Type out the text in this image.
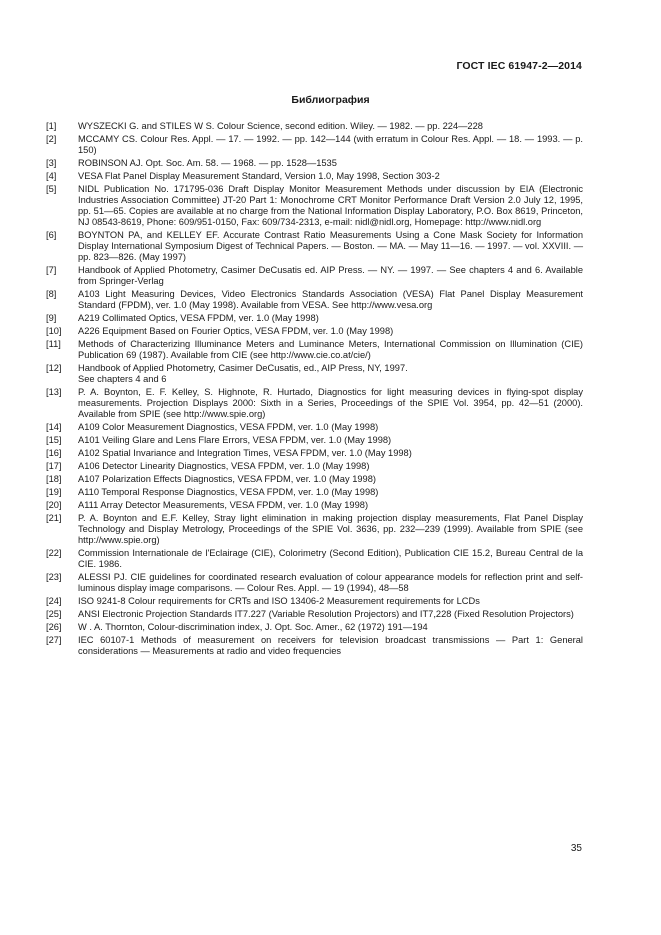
ГОСТ IEC 61947-2—2014
Библиография
[1]	WYSZECKI G. and STILES W S. Colour Science, second edition. Wiley. — 1982. — pp. 224—228
[2]	MCCAMY CS. Colour Res. Appl. — 17. — 1992. — pp. 142—144 (with erratum in Colour Res. Appl. — 18. — 1993. — p. 150)
[3]	ROBINSON AJ. Opt. Soc. Am. 58. — 1968. — pp. 1528—1535
[4]	VESA Flat Panel Display Measurement Standard, Version 1.0, May 1998, Section 303-2
[5]	NIDL Publication No. 171795-036 Draft Display Monitor Measurement Methods under discussion by EIA (Electronic Industries Association Committee) JT-20 Part 1: Monochrome CRT Monitor Performance Draft Version 2.0 July 12, 1995, pp. 51—65. Copies are available at no charge from the National Information Display Laboratory, P.O. Box 8619, Princeton, NJ 08543-8619, Phone: 609/951-0150, Fax: 609/734-2313, e-mail: nidl@nidl.org, Homepage: http://www.nidl.org
[6]	BOYNTON PA, and KELLEY EF. Accurate Contrast Ratio Measurements Using a Cone Mask Society for Information Display International Symposium Digest of Technical Papers. — Boston. — MA. — May 11—16. — 1997. — vol. XXVIII. — pp. 823—826. (May 1997)
[7]	Handbook of Applied Photometry, Casimer DeCusatis ed. AIP Press. — NY. — 1997. — See chapters 4 and 6. Available from Springer-Verlag
[8]	A103 Light Measuring Devices, Video Electronics Standards Association (VESA) Flat Panel Display Measurement Standard (FPDM), ver. 1.0 (May 1998). Available from VESA. See http://www.vesa.org
[9]	A219 Collimated Optics, VESA FPDM, ver. 1.0 (May 1998)
[10]	A226 Equipment Based on Fourier Optics, VESA FPDM, ver. 1.0 (May 1998)
[11]	Methods of Characterizing Illuminance Meters and Luminance Meters, International Commission on Illumination (CIE) Publication 69 (1987). Available from CIE (see http://www.cie.co.at/cie/)
[12]	Handbook of Applied Photometry, Casimer DeCusatis, ed., AIP Press, NY, 1997.
See chapters 4 and 6
[13]	P. A. Boynton, E. F. Kelley, S. Highnote, R. Hurtado, Diagnostics for light measuring devices in flying-spot display measurements. Projection Displays 2000: Sixth in a Series, Proceedings of the SPIE Vol. 3954, pp. 42—51 (2000). Available from SPIE (see http://www.spie.org)
[14]	A109 Color Measurement Diagnostics, VESA FPDM, ver. 1.0 (May 1998)
[15]	A101 Veiling Glare and Lens Flare Errors, VESA FPDM, ver. 1.0 (May 1998)
[16]	A102 Spatial Invariance and Integration Times, VESA FPDM, ver. 1.0 (May 1998)
[17]	A106 Detector Linearity Diagnostics, VESA FPDM, ver. 1.0 (May 1998)
[18]	A107 Polarization Effects Diagnostics, VESA FPDM, ver. 1.0 (May 1998)
[19]	A110 Temporal Response Diagnostics, VESA FPDM, ver. 1.0 (May 1998)
[20]	A111 Array Detector Measurements, VESA FPDM, ver. 1.0 (May 1998)
[21]	P. A. Boynton and E.F. Kelley, Stray light elimination in making projection display measurements, Flat Panel Display Technology and Display Metrology, Proceedings of the SPIE Vol. 3636, pp. 232—239 (1999). Available from SPIE (see http://www.spie.org)
[22]	Commission Internationale de l'Eclairage (CIE), Colorimetry (Second Edition), Publication CIE 15.2, Bureau Central de la CIE. 1986.
[23]	ALESSI PJ. CIE guidelines for coordinated research evaluation of colour appearance models for reflection print and self-luminous display image comparisons. — Colour Res. Appl. — 19 (1994), 48—58
[24]	ISO 9241-8 Colour requirements for CRTs and ISO 13406-2 Measurement requirements for LCDs
[25]	ANSI Electronic Projection Standards IT7.227 (Variable Resolution Projectors) and IT7,228 (Fixed Resolution Projectors)
[26]	W . A. Thornton, Colour-discrimination index, J. Opt. Soc. Amer., 62 (1972) 191—194
[27]	IEC 60107-1 Methods of measurement on receivers for television broadcast transmissions — Part 1: General considerations — Measurements at radio and video frequencies
35
